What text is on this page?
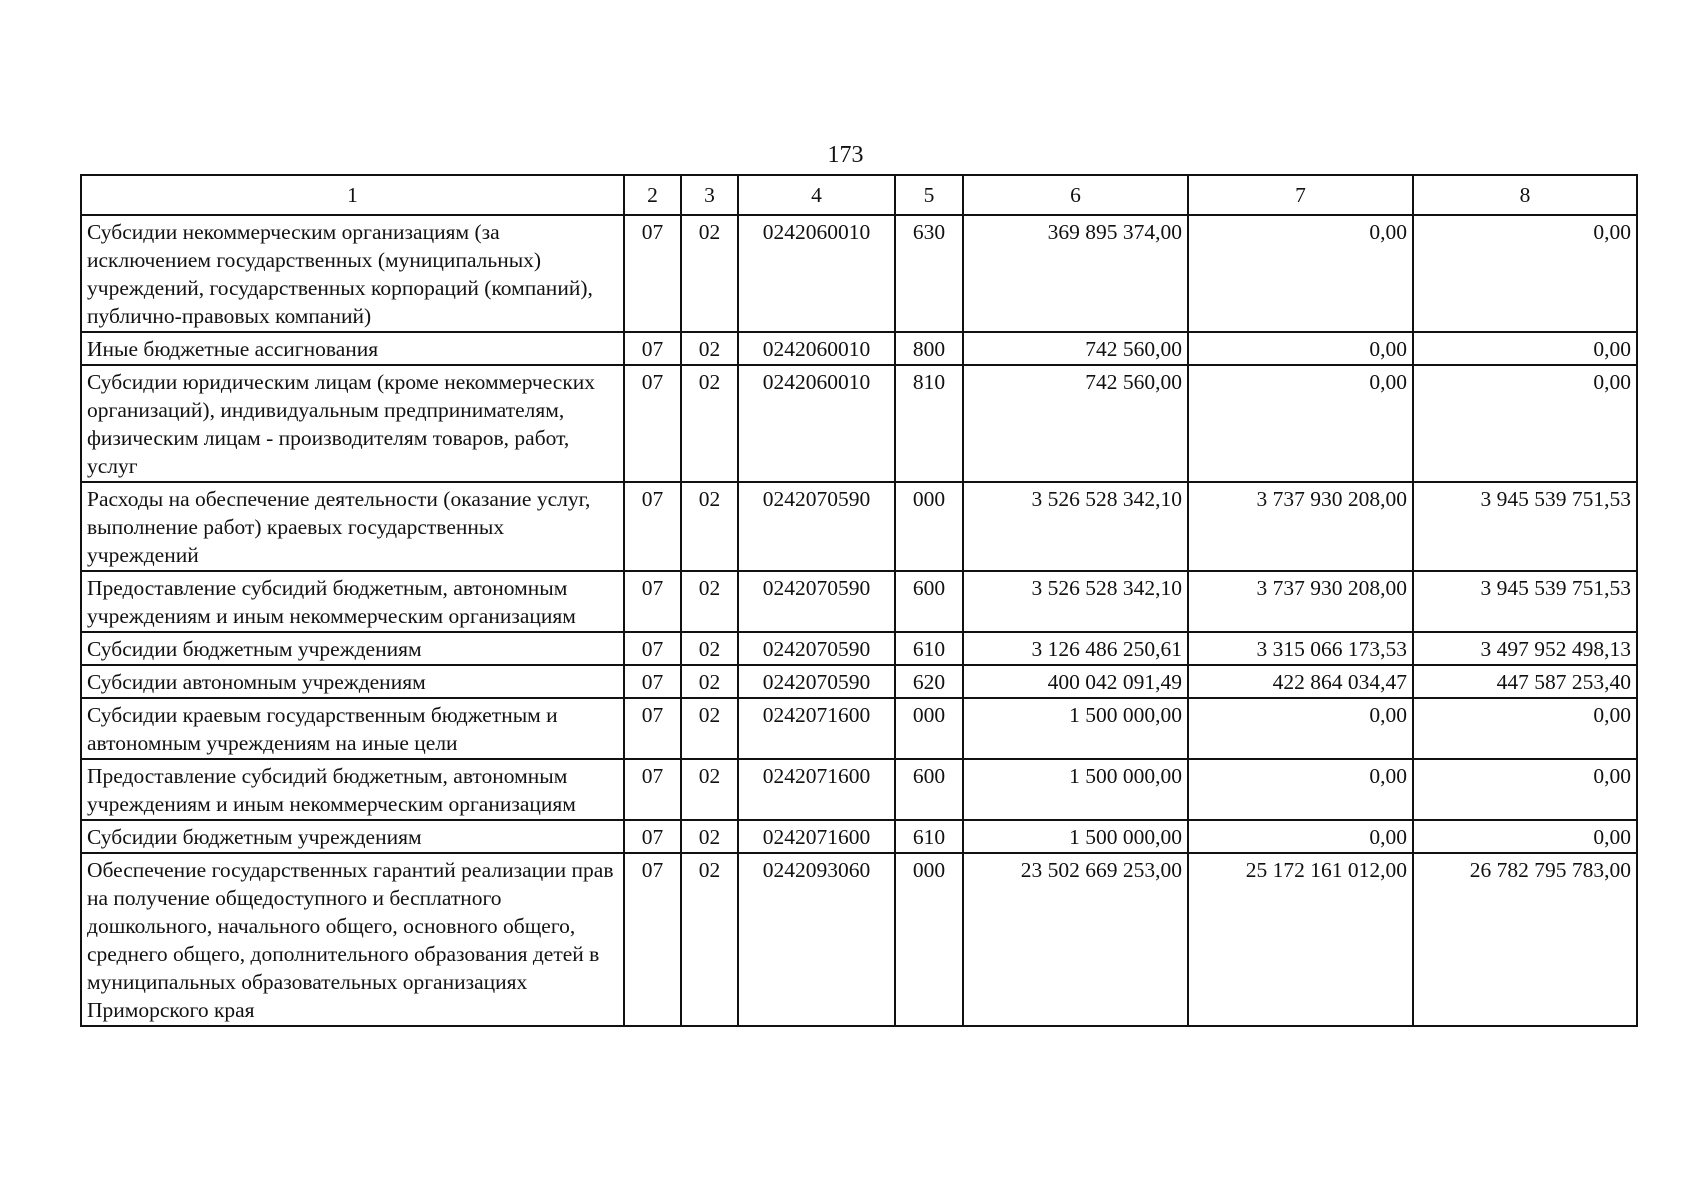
173
1	2	3	4	5	6	7	8
Субсидии некоммерческим организациям (за исключением государственных (муниципальных) учреждений, государственных корпораций (компаний), публично-правовых компаний)	07	02	0242060010	630	369 895 374,00	0,00	0,00
Иные бюджетные ассигнования	07	02	0242060010	800	742 560,00	0,00	0,00
Субсидии юридическим лицам (кроме некоммерческих организаций), индивидуальным предпринимателям, физическим лицам - производителям товаров, работ, услуг	07	02	0242060010	810	742 560,00	0,00	0,00
Расходы на обеспечение деятельности (оказание услуг, выполнение работ) краевых государственных учреждений	07	02	0242070590	000	3 526 528 342,10	3 737 930 208,00	3 945 539 751,53
Предоставление субсидий бюджетным, автономным учреждениям и иным некоммерческим организациям	07	02	0242070590	600	3 526 528 342,10	3 737 930 208,00	3 945 539 751,53
Субсидии бюджетным учреждениям	07	02	0242070590	610	3 126 486 250,61	3 315 066 173,53	3 497 952 498,13
Субсидии автономным учреждениям	07	02	0242070590	620	400 042 091,49	422 864 034,47	447 587 253,40
Субсидии краевым государственным бюджетным и автономным учреждениям на иные цели	07	02	0242071600	000	1 500 000,00	0,00	0,00
Предоставление субсидий бюджетным, автономным учреждениям и иным некоммерческим организациям	07	02	0242071600	600	1 500 000,00	0,00	0,00
Субсидии бюджетным учреждениям	07	02	0242071600	610	1 500 000,00	0,00	0,00
Обеспечение государственных гарантий реализации прав на получение общедоступного и бесплатного дошкольного, начального общего, основного общего, среднего общего, дополнительного образования детей в муниципальных образовательных организациях Приморского края	07	02	0242093060	000	23 502 669 253,00	25 172 161 012,00	26 782 795 783,00
